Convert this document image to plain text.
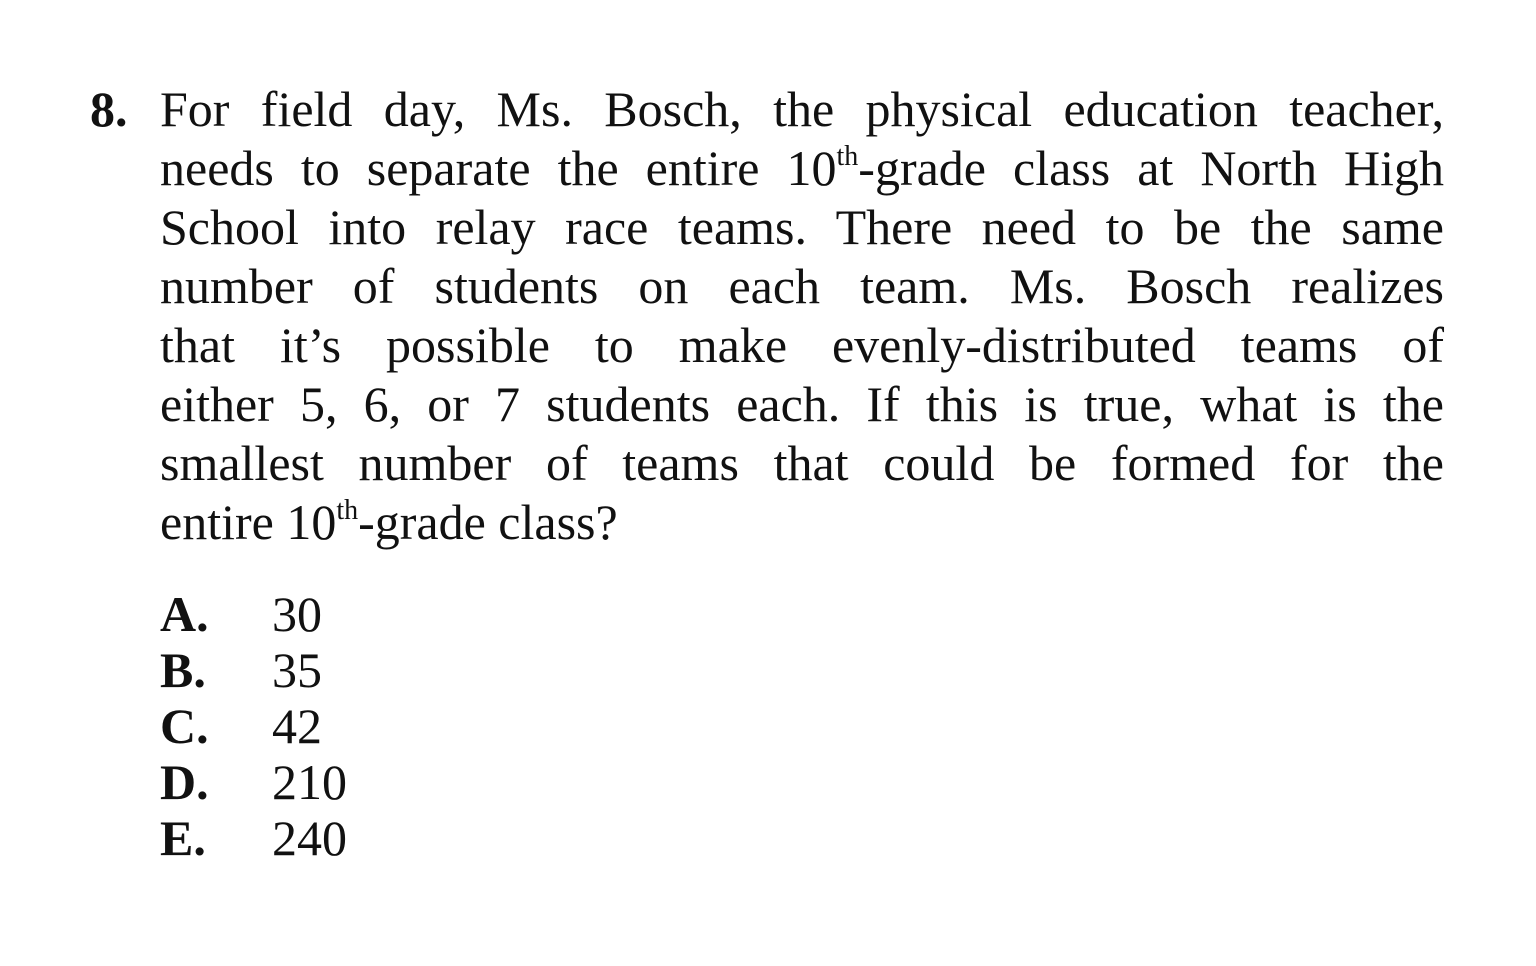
8. For field day, Ms. Bosch, the physical education teacher,
needs to separate the entire 10th-grade class at North High
School into relay race teams. There need to be the same
number of students on each team. Ms. Bosch realizes
that it’s possible to make evenly-distributed teams of
either 5, 6, or 7 students each. If this is true, what is the
smallest number of teams that could be formed for the
entire 10th-grade class?
A.	30
B.	35
C.	42
D.	210
E.	240
